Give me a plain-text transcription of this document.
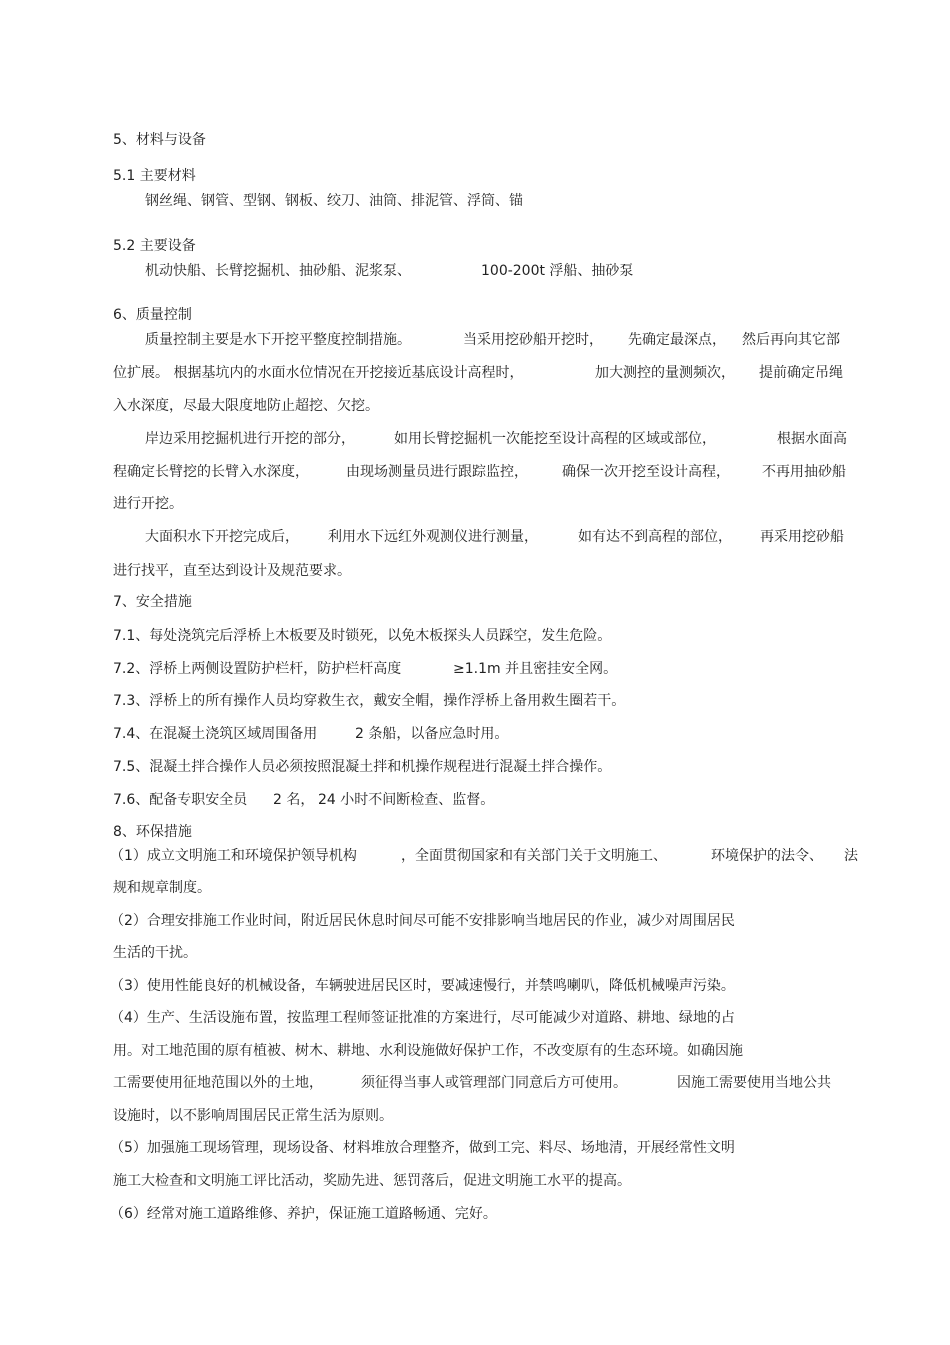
5、材料与设备
5.1 主要材料
钢丝绳、钢管、型钢、钢板、绞刀、油筒、排泥管、浮筒、锚
5.2 主要设备
机动快船、长臂挖掘机、抽砂船、泥浆泵、	100-200t 浮船、抽砂泵
6、质量控制
质量控制主要是水下开挖平整度控制措施。	当采用挖砂船开挖时， 先确定最深点， 然后再向其它部
位扩展。 根据基坑内的水面水位情况在开挖接近基底设计高程时，	加大测控的量测频次， 提前确定吊绳
入水深度，尽最大限度地防止超挖、欠挖。
岸边采用挖掘机进行开挖的部分，	如用长臂挖掘机一次能挖至设计高程的区域或部位，	根据水面高
程确定长臂挖的长臂入水深度，	由现场测量员进行跟踪监控， 确保一次开挖至设计高程， 不再用抽砂船
进行开挖。
大面积水下开挖完成后， 利用水下远红外观测仪进行测量，	如有达不到高程的部位， 再采用挖砂船
进行找平，直至达到设计及规范要求。
7、安全措施
7.1、每处浇筑完后浮桥上木板要及时锁死，以免木板探头人员踩空，发生危险。
7.2、浮桥上两侧设置防护栏杆，防护栏杆高度	≥1.1m 并且密挂安全网。
7.3、浮桥上的所有操作人员均穿救生衣，戴安全帽，操作浮桥上备用救生圈若干。
7.4、在混凝土浇筑区域周围备用	2 条船，以备应急时用。
7.5、混凝土拌合操作人员必须按照混凝土拌和机操作规程进行混凝土拌合操作。
7.6、配备专职安全员 2 名， 24 小时不间断检查、监督。
8、环保措施
（1）成立文明施工和环境保护领导机构	，全面贯彻国家和有关部门关于文明施工、	环境保护的法令、 法
规和规章制度。
（2）合理安排施工作业时间，附近居民休息时间尽可能不安排影响当地居民的作业，减少对周围居民
生活的干扰。
（3）使用性能良好的机械设备，车辆驶进居民区时，要减速慢行，并禁鸣喇叭，降低机械噪声污染。
（4）生产、生活设施布置，按监理工程师签证批准的方案进行，尽可能减少对道路、耕地、绿地的占
用。对工地范围的原有植被、树木、耕地、水利设施做好保护工作，不改变原有的生态环境。如确因施
工需要使用征地范围以外的土地，	须征得当事人或管理部门同意后方可使用。	因施工需要使用当地公共
设施时，以不影响周围居民正常生活为原则。
（5）加强施工现场管理，现场设备、材料堆放合理整齐，做到工完、料尽、场地清，开展经常性文明
施工大检查和文明施工评比活动，奖励先进、惩罚落后，促进文明施工水平的提高。
（6）经常对施工道路维修、养护，保证施工道路畅通、完好。
